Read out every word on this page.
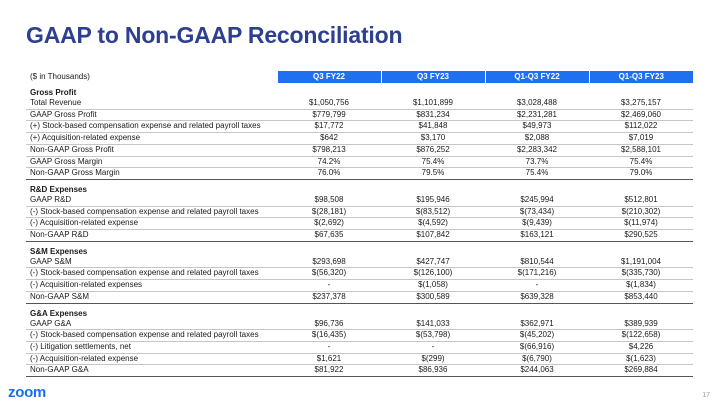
GAAP to Non-GAAP Reconciliation
($ in Thousands)	Q3 FY22	Q3 FY23	Q1-Q3 FY22	Q1-Q3 FY23
Gross Profit				
Total Revenue	$1,050,756	$1,101,899	$3,028,488	$3,275,157
GAAP Gross Profit	$779,799	$831,234	$2,231,281	$2,469,060
(+) Stock-based compensation expense and related payroll taxes	$17,772	$41,848	$49,973	$112,022
(+) Acquisition-related expense	$642	$3,170	$2,088	$7,019
Non-GAAP Gross Profit	$798,213	$876,252	$2,283,342	$2,588,101
GAAP Gross Margin	74.2%	75.4%	73.7%	75.4%
Non-GAAP Gross Margin	76.0%	79.5%	75.4%	79.0%
R&D Expenses				
GAAP R&D	$98,508	$195,946	$245,994	$512,801
(-) Stock-based compensation expense and related payroll taxes	$(28,181)	$(83,512)	$(73,434)	$(210,302)
(-) Acquisition-related expense	$(2,692)	$(4,592)	$(9,439)	$(11,974)
Non-GAAP R&D	$67,635	$107,842	$163,121	$290,525
S&M Expenses				
GAAP S&M	$293,698	$427,747	$810,544	$1,191,004
(-) Stock-based compensation expense and related payroll taxes	$(56,320)	$(126,100)	$(171,216)	$(335,730)
(-) Acquisition-related expenses	-	$(1,058)	-	$(1,834)
Non-GAAP S&M	$237,378	$300,589	$639,328	$853,440
G&A Expenses				
GAAP G&A	$96,736	$141,033	$362,971	$389,939
(-) Stock-based compensation expense and related payroll taxes	$(16,435)	$(53,798)	$(45,202)	$(122,658)
(-) Litigation settlements, net	-	-	$(66,916)	$4,226
(-) Acquisition-related expense	$1,621	$(299)	$(6,790)	$(1,623)
Non-GAAP G&A	$81,922	$86,936	$244,063	$269,884
zoom	17
